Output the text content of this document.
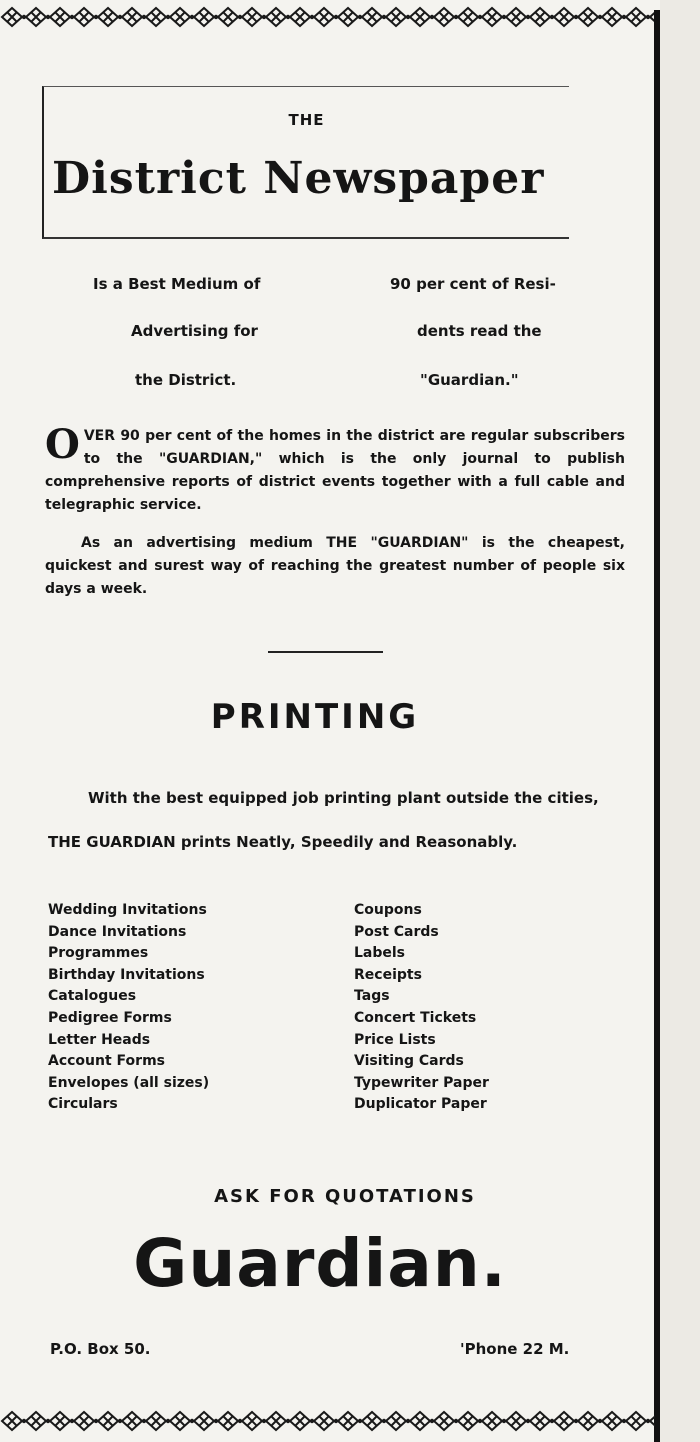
THE
District Newspaper
Is a Best Medium of
Advertising for
the District.
90 per cent of Resi-
dents read the
"Guardian."
O VER 90 per cent of the homes in the district are regular subscribers to the "GUARDIAN," which is the only journal to publish comprehensive reports of district events together with a full cable and telegraphic service.
As an advertising medium THE "GUARDIAN" is the cheapest, quickest and surest way of reaching the greatest number of people six days a week.
PRINTING
With the best equipped job printing plant outside the cities,
THE GUARDIAN prints Neatly, Speedily and Reasonably.
Wedding Invitations
Dance Invitations
Programmes
Birthday Invitations
Catalogues
Pedigree Forms
Letter Heads
Account Forms
Envelopes (all sizes)
Circulars
Coupons
Post Cards
Labels
Receipts
Tags
Concert Tickets
Price Lists
Visiting Cards
Typewriter Paper
Duplicator Paper
ASK FOR QUOTATIONS
Guardian.
P.O. Box 50.	'Phone 22 M.
